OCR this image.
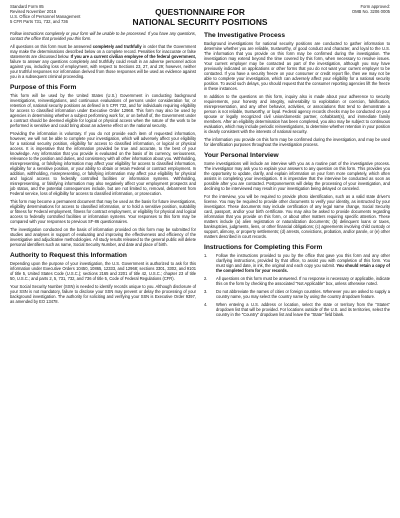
Standard Form 85
Revised November 2016
U.S. Office of Personnel Management
5 CFR Parts 731, 732, and 736
QUESTIONNAIRE FOR
NATIONAL SECURITY POSITIONS
Form approved:
OMB No. 3206 0005

Follow instructions completely or your form will be unable to be processed. If you have any questions, contact the office that provided you this form.

All questions on this form must be answered completely and truthfully in order that the Government may make the determinations described below on a complete record. Penalties for inaccurate or false statements are discussed below. If you are a current civilian employee of the federal government, failure to answer any questions completely and truthfully could result in an adverse personnel action against you, including loss of employment, with respect to Sections 23, 27, and 29; however, neither your truthful responses nor information derived from those responses will be used as evidence against you in a subsequent criminal proceeding.

Purpose of this Form

This form will be used by the United States (U.S.) Government in conducting background investigations, reinvestigations, and continuous evaluations of persons under consideration for, or retention of, national security positions as defined in 5 CFR 732, and for individuals requiring eligibility for access to classified information under Executive Order 12968. This form may also be used by agencies in determining whether a subject performing work for, or on behalf of, the Government under a contract should be deemed eligible for logical or physical access when the nature of the work to be performed is sensitive and could bring about an adverse effect on the national security.

Providing the information is voluntary. If you do not provide each item of requested information, however, we will not be able to complete your investigation, which will adversely affect your eligibility for a national security position, eligibility for access to classified information, or logical or physical access. It is imperative that the information provided be true and accurate, to the best of your knowledge. Any information that you provide is evaluated on the basis of its currency, seriousness, relevance to the position and duties, and consistency with all other information about you. Withholding, misrepresenting, or falsifying information may affect your eligibility for access to classified information, eligibility for a sensitive position, or your ability to obtain or retain Federal or contract employment. In addition, withholding, misrepresenting, or falsifying information may affect your eligibility for physical and logical access to federally controlled facilities or information systems. Withholding, misrepresenting, or falsifying information may also negatively affect your employment prospects and job status, and the potential consequences include, but are not limited to, removal, debarment from Federal service, loss of eligibility for access to classified information, or prosecution.

This form may become a permanent document that may be used as the basis for future investigations, eligibility determinations for access to classified information, or to hold a sensitive position, suitability or fitness for Federal employment, fitness for contract employment, or eligibility for physical and logical access to federally controlled facilities or information systems. Your responses to this form may be compared with your responses to previous SF-86 questionnaires.

The investigation conducted on the basis of information provided on this form may be submitted for studies and analyses in support of evaluating and improving the effectiveness and efficiency of the investigative and adjudicative methodologies. All study results released to the general public will delete personal identifiers such as name, Social Security Number, and date and place of birth.

Authority to Request this Information

Depending upon the purpose of your investigation, the U.S. Government is authorized to ask for this information under Executive Orders 10450, 10865, 12333, and 12968; sections 3301, 3302, and 9101 of title 5, United States Code (U.S.C.); sections 2165 and 2201 of title 42, U.S.C.; chapter 23 of title 50, U.S.C.; and parts 2, 5, 731, 732, and 736 of title 5, Code of Federal Regulations (CFR).

Your Social Security Number (SSN) is needed to identify records unique to you. Although disclosure of your SSN is not mandatory, failure to disclose your SSN may prevent or delay the processing of your background investigation. The authority for soliciting and verifying your SSN is Executive Order 9397, as amended by EO 13478.

The Investigative Process

Background investigations for national security positions are conducted to gather information to determine whether you are reliable, trustworthy, of good conduct and character, and loyal to the U.S. The information that you provide on this form may be confirmed during the investigation. The investigation may extend beyond the time covered by this form, when necessary to resolve issues. Your current employer may be contacted as part of the investigation, although you may have previously indicated on applications or other forms that you do not want your current employer to be contacted. If you have a security freeze on your consumer or credit report file, then we may not be able to complete your investigation, which can adversely affect your eligibility for a national security position. To avoid such delays, you should request that the consumer reporting agencies lift the freeze in these instances.

In addition to the questions on this form, inquiry also is made about your adherence to security requirements, your honesty and integrity, vulnerability to exploitation or coercion, falsification, misrepresentation, and any other behavior, activities, or associations that tend to demonstrate a person is not reliable, trustworthy, or loyal. Federal agency records checks may be conducted on your spouse or legally recognized civil union/domestic partner, cohabitant(s), and immediate family members. After an eligibility determination has been completed, you also may be subject to continuous evaluation, which may include periodic reinvestigations, to determine whether retention in your position is clearly consistent with the interests of national security.

The information you provide on this form may be confirmed during the investigation, and may be used for identification purposes throughout the investigation process.

Your Personal Interview

Some investigations will include an interview with you as a routine part of the investigative process. The investigator may ask you to explain your answers to any question on this form. This provides you the opportunity to update, clarify, and explain information on your form more completely, which often assists in completing your investigation. It is imperative that the interview be conducted as soon as possible after you are contacted. Postponements will delay the processing of your investigation, and declining to be interviewed may result in your investigation being delayed or canceled.

For the interview, you will be required to provide photo identification, such as a valid state driver's license. You may be required to provide other documents to verify your identity, as instructed by your investigator. These documents may include certification of any legal name change, Social Security card, passport, and/or your birth certificate. You may also be asked to provide documents regarding information that you provide on this form, or about other matters requiring specific attention. These matters include (a) alien registration or naturalization documents; (b) delinquent loans or taxes, bankruptcies, judgments, liens, or other financial obligations; (c) agreements involving child custody or support, alimony, or property settlements; (d) arrests, convictions, probation, and/or parole, or (e) other matters described in court records.

Instructions for Completing this Form
1. Follow the instructions provided to you by the office that gave you this form and any other clarifying instructions, provided by that office, to assist you with completion of this form. You must sign and date, in ink, the original and each copy you submit. You should retain a copy of the completed form for your records.
2. All questions on this form must be answered. If no response is necessary or applicable, indicate this on the form by checking the associated "Not Applicable" box, unless otherwise noted.
3. Do not abbreviate the names of cities or foreign countries. Whenever you are asked to supply a country name, you may select the country name by using the country dropdown feature.
4. When entering a U.S. address or location, select the state or territory from the "States" dropdown list that will be provided. For locations outside of the U.S. and its territories, select the country in the "Country" dropdown list and leave the "State" field blank.
